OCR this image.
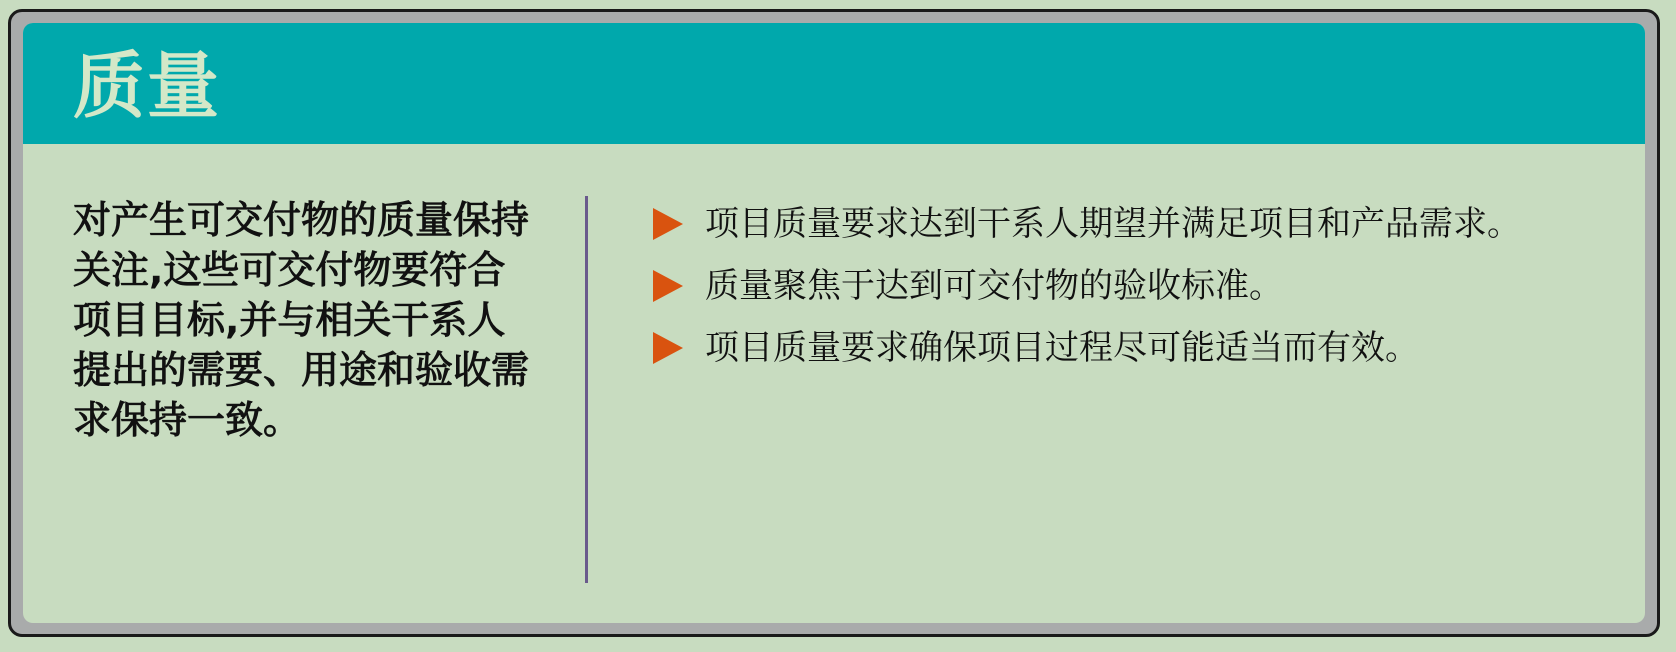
质量
对产生可交付物的质量保持关注,这些可交付物要符合项目目标,并与相关干系人提出的需要、用途和验收需求保持一致。
项目质量要求达到干系人期望并满足项目和产品需求。
质量聚焦于达到可交付物的验收标准。
项目质量要求确保项目过程尽可能适当而有效。
